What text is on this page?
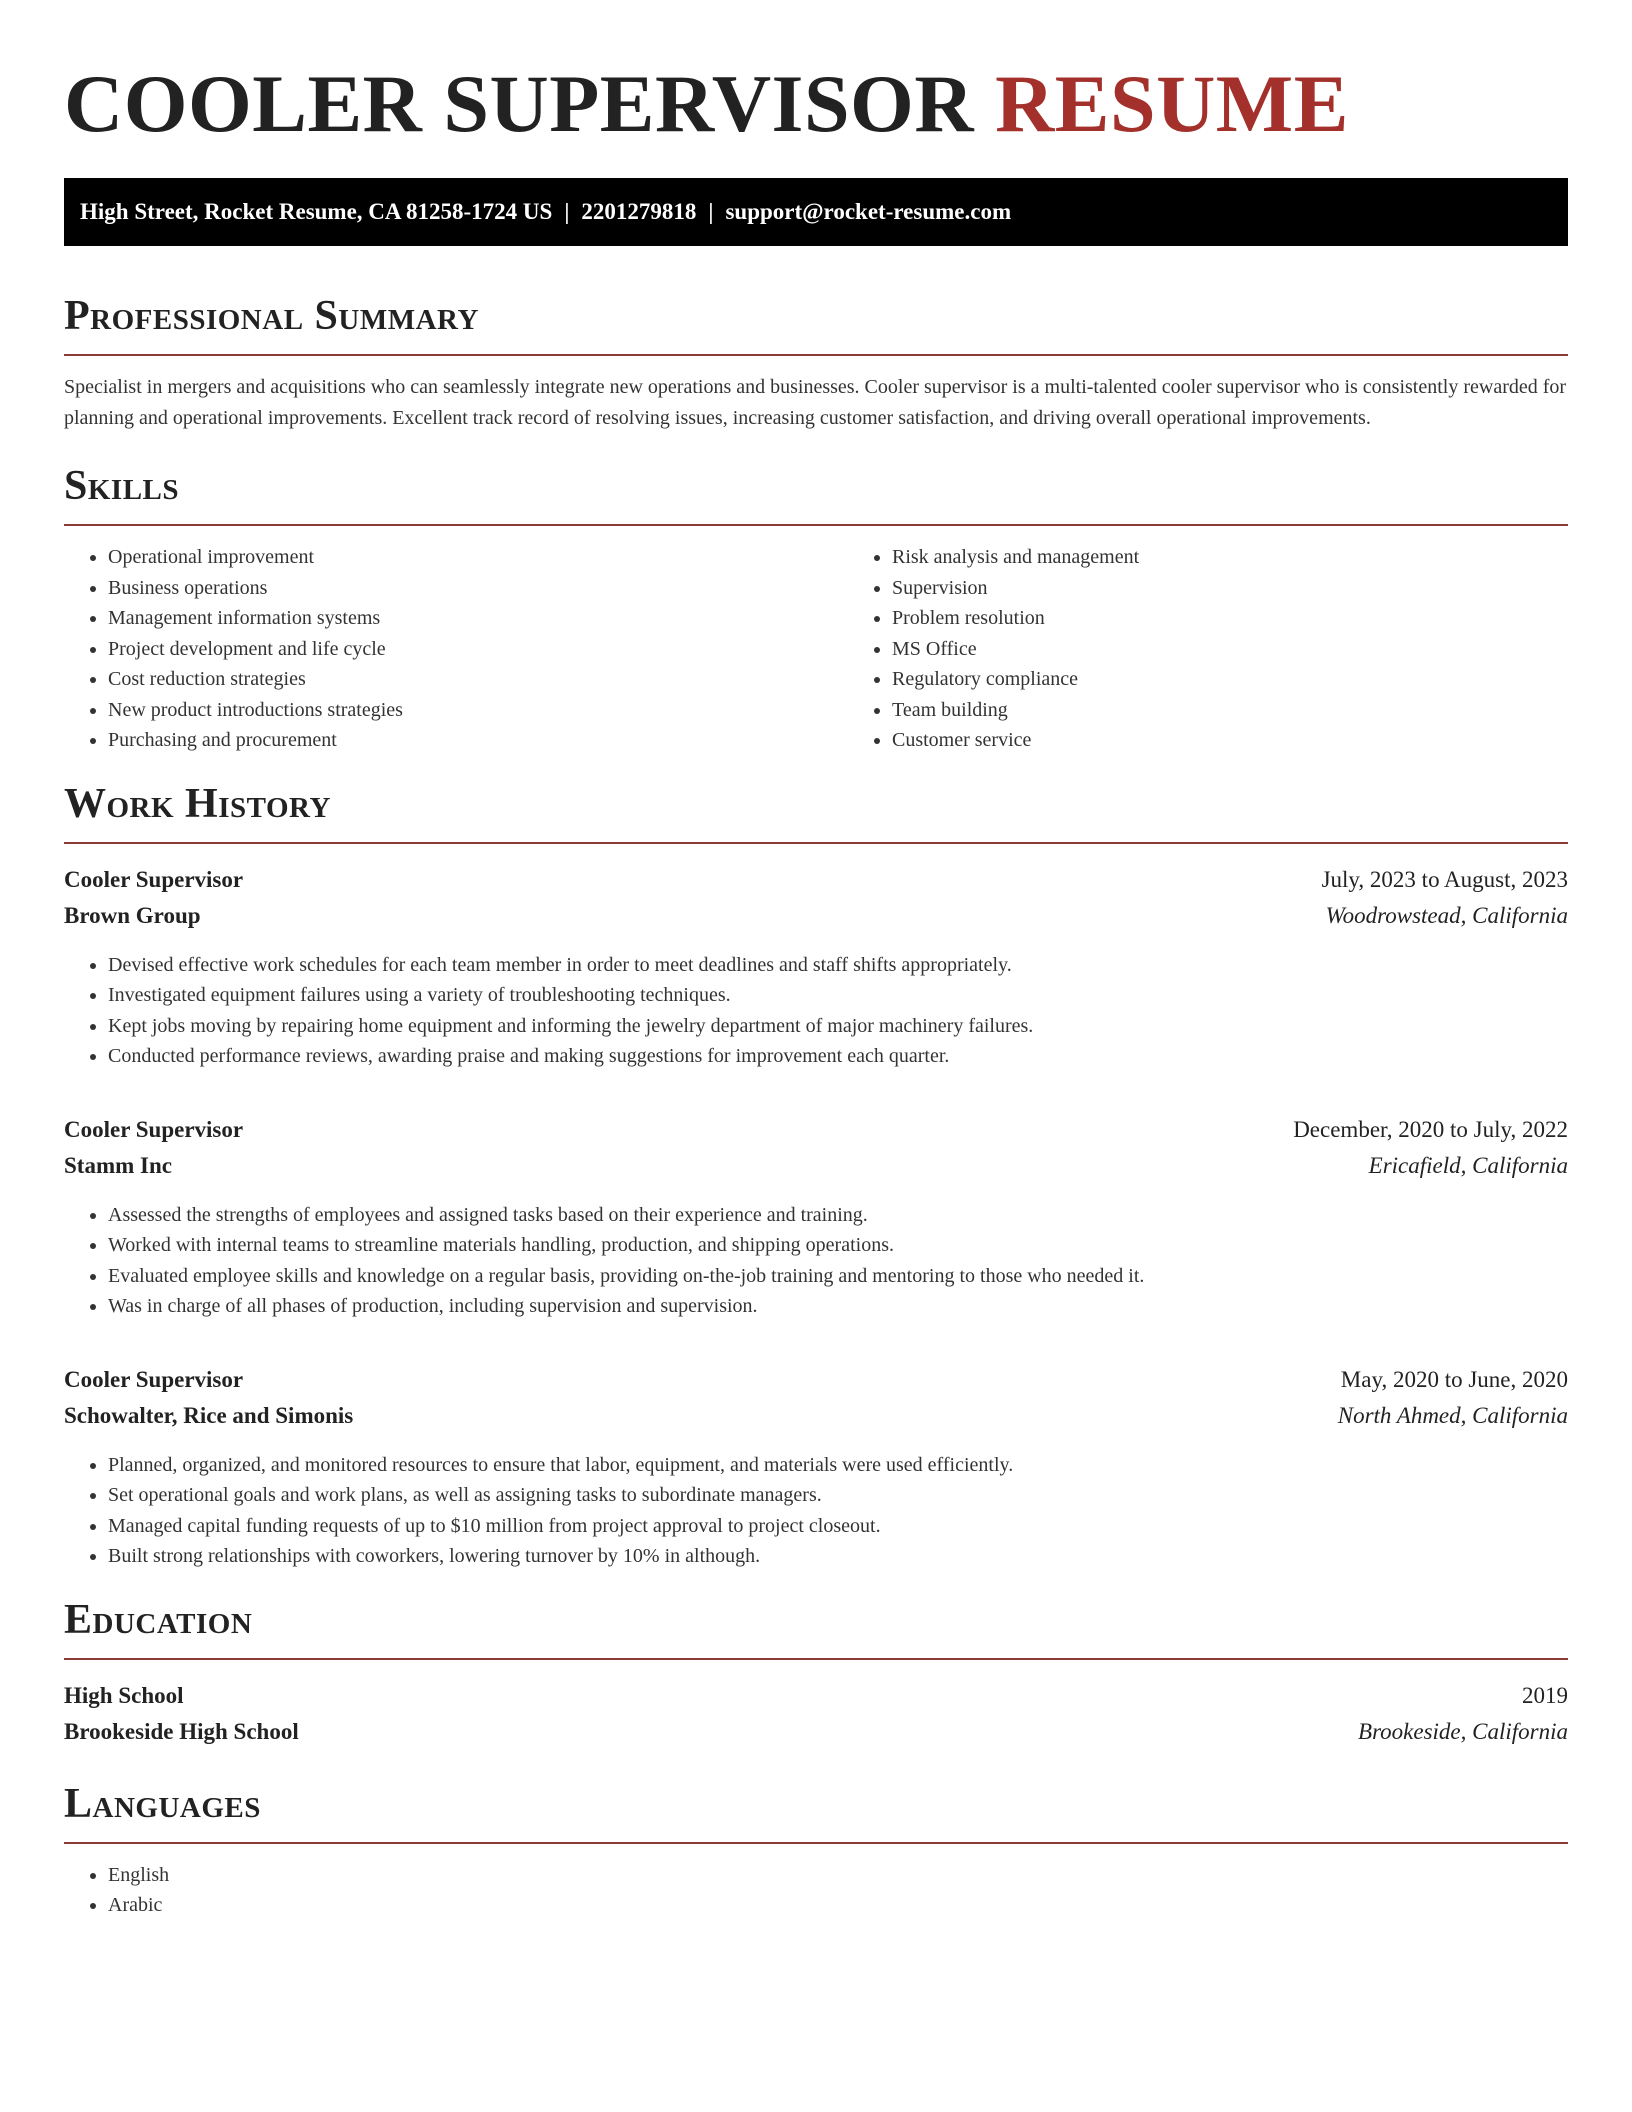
COOLER SUPERVISOR RESUME
High Street, Rocket Resume, CA 81258-1724 US | 2201279818 | support@rocket-resume.com
Professional Summary

Specialist in mergers and acquisitions who can seamlessly integrate new operations and businesses. Cooler supervisor is a multi-talented cooler supervisor who is consistently rewarded for planning and operational improvements. Excellent track record of resolving issues, increasing customer satisfaction, and driving overall operational improvements.

Skills
• Operational improvement
• Business operations
• Management information systems
• Project development and life cycle
• Cost reduction strategies
• New product introductions strategies
• Purchasing and procurement
• Risk analysis and management
• Supervision
• Problem resolution
• MS Office
• Regulatory compliance
• Team building
• Customer service
Work History
Cooler Supervisor	July, 2023 to August, 2023
Brown Group	Woodrowstead, California
• Devised effective work schedules for each team member in order to meet deadlines and staff shifts appropriately.
• Investigated equipment failures using a variety of troubleshooting techniques.
• Kept jobs moving by repairing home equipment and informing the jewelry department of major machinery failures.
• Conducted performance reviews, awarding praise and making suggestions for improvement each quarter.
Cooler Supervisor	December, 2020 to July, 2022
Stamm Inc	Ericafield, California
• Assessed the strengths of employees and assigned tasks based on their experience and training.
• Worked with internal teams to streamline materials handling, production, and shipping operations.
• Evaluated employee skills and knowledge on a regular basis, providing on-the-job training and mentoring to those who needed it.
• Was in charge of all phases of production, including supervision and supervision.
Cooler Supervisor	May, 2020 to June, 2020
Schowalter, Rice and Simonis	North Ahmed, California
• Planned, organized, and monitored resources to ensure that labor, equipment, and materials were used efficiently.
• Set operational goals and work plans, as well as assigning tasks to subordinate managers.
• Managed capital funding requests of up to $10 million from project approval to project closeout.
• Built strong relationships with coworkers, lowering turnover by 10% in although.
Education
High School	2019
Brookeside High School	Brookeside, California
Languages
• English
• Arabic
